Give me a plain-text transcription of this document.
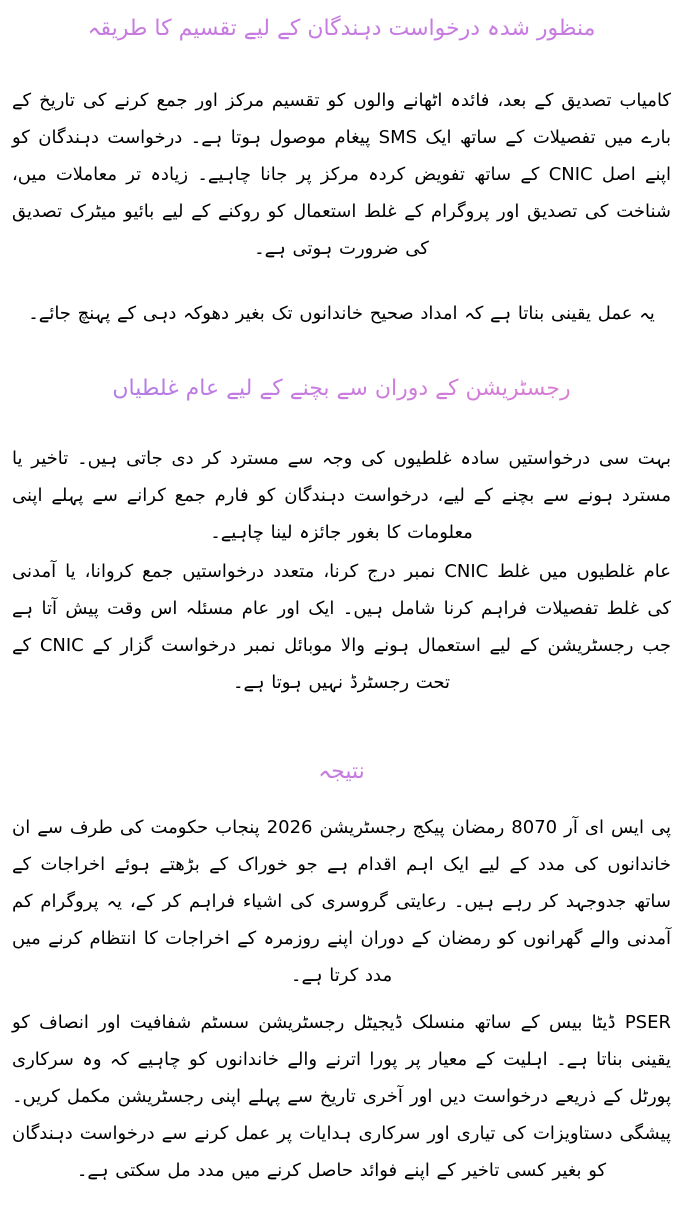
منظور شدہ درخواست دہندگان کے لیے تقسیم کا طریقہ

کامیاب تصدیق کے بعد، فائدہ اٹھانے والوں کو تقسیم مرکز اور جمع کرنے کی تاریخ کے بارے میں تفصیلات کے ساتھ ایک SMS پیغام موصول ہوتا ہے۔ درخواست دہندگان کو اپنے اصل CNIC کے ساتھ تفویض کردہ مرکز پر جانا چاہیے۔ زیادہ تر معاملات میں، شناخت کی تصدیق اور پروگرام کے غلط استعمال کو روکنے کے لیے بائیو میٹرک تصدیق کی ضرورت ہوتی ہے۔

یہ عمل یقینی بناتا ہے کہ امداد صحیح خاندانوں تک بغیر دھوکہ دہی کے پہنچ جائے۔

رجسٹریشن کے دوران سے بچنے کے لیے عام غلطیاں

بہت سی درخواستیں سادہ غلطیوں کی وجہ سے مسترد کر دی جاتی ہیں۔ تاخیر یا مسترد ہونے سے بچنے کے لیے، درخواست دہندگان کو فارم جمع کرانے سے پہلے اپنی معلومات کا بغور جائزہ لینا چاہیے۔

عام غلطیوں میں غلط CNIC نمبر درج کرنا، متعدد درخواستیں جمع کروانا، یا آمدنی کی غلط تفصیلات فراہم کرنا شامل ہیں۔ ایک اور عام مسئلہ اس وقت پیش آتا ہے جب رجسٹریشن کے لیے استعمال ہونے والا موبائل نمبر درخواست گزار کے CNIC کے تحت رجسٹرڈ نہیں ہوتا ہے۔

نتیجہ

پی ایس ای آر 8070 رمضان پیکج رجسٹریشن 2026 پنجاب حکومت کی طرف سے ان خاندانوں کی مدد کے لیے ایک اہم اقدام ہے جو خوراک کے بڑھتے ہوئے اخراجات کے ساتھ جدوجہد کر رہے ہیں۔ رعایتی گروسری کی اشیاء فراہم کر کے، یہ پروگرام کم آمدنی والے گھرانوں کو رمضان کے دوران اپنے روزمرہ کے اخراجات کا انتظام کرنے میں مدد کرتا ہے۔

PSER ڈیٹا بیس کے ساتھ منسلک ڈیجیٹل رجسٹریشن سسٹم شفافیت اور انصاف کو یقینی بناتا ہے۔ اہلیت کے معیار پر پورا اترنے والے خاندانوں کو چاہیے کہ وہ سرکاری پورٹل کے ذریعے درخواست دیں اور آخری تاریخ سے پہلے اپنی رجسٹریشن مکمل کریں۔ پیشگی دستاویزات کی تیاری اور سرکاری ہدایات پر عمل کرنے سے درخواست دہندگان کو بغیر کسی تاخیر کے اپنے فوائد حاصل کرنے میں مدد مل سکتی ہے۔
